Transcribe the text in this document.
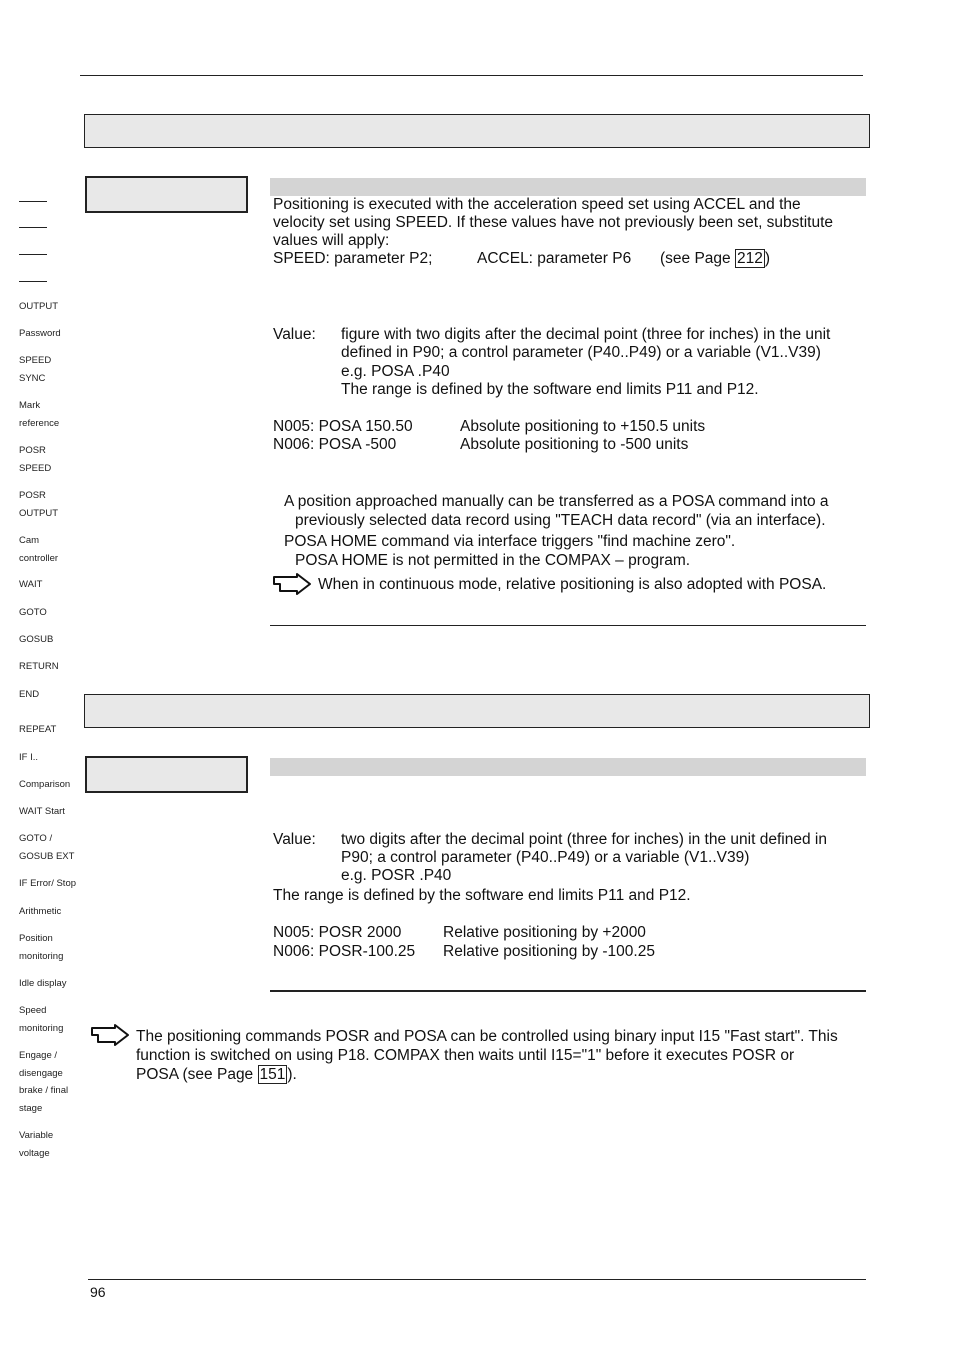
OUTPUT
Password
SPEED
SYNC
Mark
reference
POSR
SPEED
POSR
OUTPUT
Cam
controller
WAIT
GOTO
GOSUB
RETURN
END
REPEAT
IF I..
Comparison
WAIT Start
GOTO /
GOSUB EXT
IF Error/ Stop
Arithmetic
Position
monitoring
Idle display
Speed
monitoring
Engage /
disengage
brake / final
stage
Variable
voltage
Positioning is executed with the acceleration speed set using ACCEL and the
velocity set using SPEED. If these values have not previously been set, substitute
values will apply:
SPEED: parameter P2;	ACCEL: parameter P6 (see Page 212 )
Value: figure with two digits after the decimal point (three for inches) in the unit
defined in P90; a control parameter (P40..P49) or a variable (V1..V39)
e.g. POSA .P40
The range is defined by the software end limits P11 and P12.
N005: POSA 150.50	Absolute positioning to +150.5 units
N006: POSA -500	Absolute positioning to -500 units
A position approached manually can be transferred as a POSA command into a
previously selected data record using "TEACH data record" (via an interface).
POSA HOME command via interface triggers "find machine zero".
POSA HOME is not permitted in the COMPAX – program.
When in continuous mode, relative positioning is also adopted with POSA.
Value: two digits after the decimal point (three for inches) in the unit defined in
P90; a control parameter (P40..P49) or a variable (V1..V39)
e.g. POSR .P40
The range is defined by the software end limits P11 and P12.
N005: POSR 2000	Relative positioning by +2000
N006: POSR-100.25 Relative positioning by -100.25
The positioning commands POSR and POSA can be controlled using binary input I15 "Fast start". This
function is switched on using P18. COMPAX then waits until I15="1" before it executes POSR or
POSA (see Page 151 ).
96
